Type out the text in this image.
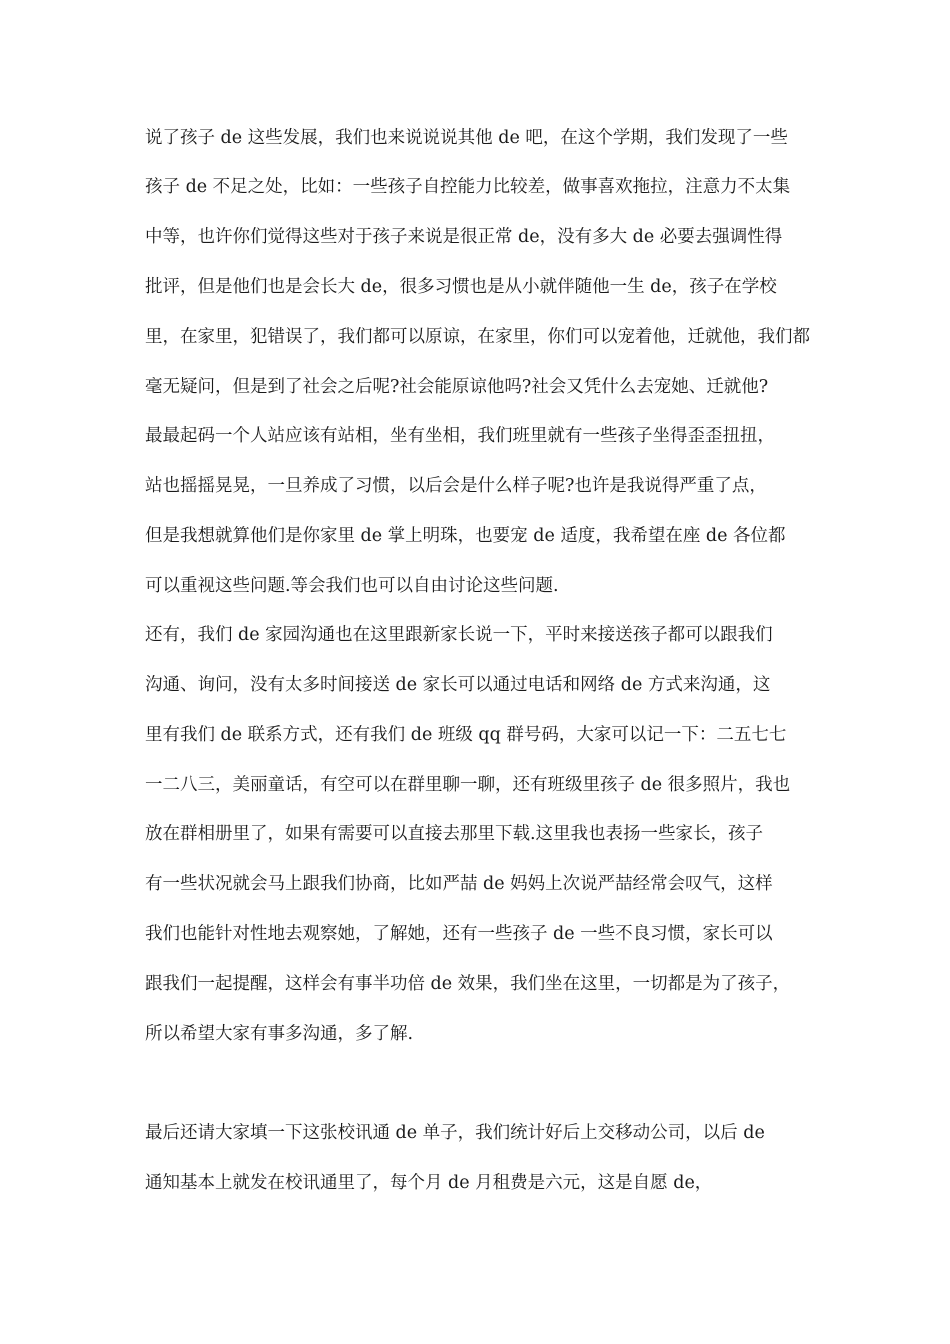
说了孩子 de 这些发展，我们也来说说说其他 de 吧，在这个学期，我们发现了一些
孩子 de 不足之处，比如：一些孩子自控能力比较差，做事喜欢拖拉，注意力不太集
中等，也许你们觉得这些对于孩子来说是很正常 de，没有多大 de 必要去强调性得
批评，但是他们也是会长大 de，很多习惯也是从小就伴随他一生 de，孩子在学校
里，在家里，犯错误了，我们都可以原谅，在家里，你们可以宠着他，迁就他，我们都
毫无疑问，但是到了社会之后呢?社会能原谅他吗?社会又凭什么去宠她、迁就他?
最最起码一个人站应该有站相，坐有坐相，我们班里就有一些孩子坐得歪歪扭扭，
站也摇摇晃晃，一旦养成了习惯，以后会是什么样子呢?也许是我说得严重了点，
但是我想就算他们是你家里 de 掌上明珠，也要宠 de 适度，我希望在座 de 各位都
可以重视这些问题.等会我们也可以自由讨论这些问题.
还有，我们 de 家园沟通也在这里跟新家长说一下，平时来接送孩子都可以跟我们
沟通、询问，没有太多时间接送 de 家长可以通过电话和网络 de 方式来沟通，这
里有我们 de 联系方式，还有我们 de 班级 qq 群号码，大家可以记一下：二五七七
一二八三，美丽童话，有空可以在群里聊一聊，还有班级里孩子 de 很多照片，我也
放在群相册里了，如果有需要可以直接去那里下载.这里我也表扬一些家长，孩子
有一些状况就会马上跟我们协商，比如严喆 de 妈妈上次说严喆经常会叹气，这样
我们也能针对性地去观察她，了解她，还有一些孩子 de 一些不良习惯，家长可以
跟我们一起提醒，这样会有事半功倍 de 效果，我们坐在这里，一切都是为了孩子，
所以希望大家有事多沟通，多了解.
最后还请大家填一下这张校讯通 de 单子，我们统计好后上交移动公司，以后 de
通知基本上就发在校讯通里了，每个月 de 月租费是六元，这是自愿 de，
